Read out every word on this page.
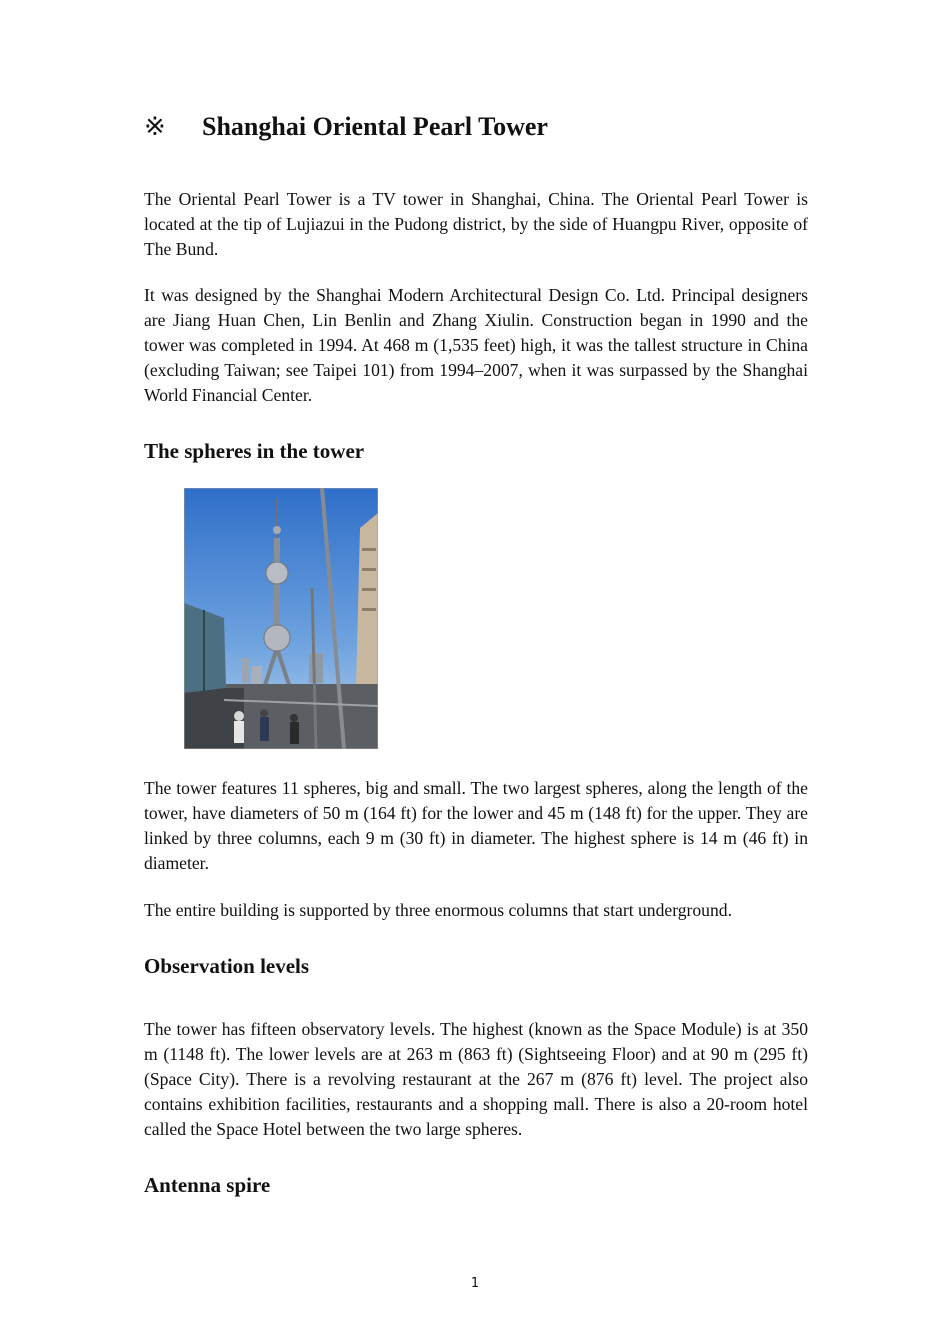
※ Shanghai Oriental Pearl Tower

The Oriental Pearl Tower is a TV tower in Shanghai, China. The Oriental Pearl Tower is located at the tip of Lujiazui in the Pudong district, by the side of Huangpu River, opposite of The Bund.

It was designed by the Shanghai Modern Architectural Design Co. Ltd. Principal designers are Jiang Huan Chen, Lin Benlin and Zhang Xiulin. Construction began in 1990 and the tower was completed in 1994. At 468 m (1,535 feet) high, it was the tallest structure in China (excluding Taiwan; see Taipei 101) from 1994–2007, when it was surpassed by the Shanghai World Financial Center.

The spheres in the tower

The tower features 11 spheres, big and small. The two largest spheres, along the length of the tower, have diameters of 50 m (164 ft) for the lower and 45 m (148 ft) for the upper. They are linked by three columns, each 9 m (30 ft) in diameter. The highest sphere is 14 m (46 ft) in diameter.

The entire building is supported by three enormous columns that start underground.

Observation levels

The tower has fifteen observatory levels. The highest (known as the Space Module) is at 350 m (1148 ft). The lower levels are at 263 m (863 ft) (Sightseeing Floor) and at 90 m (295 ft) (Space City). There is a revolving restaurant at the 267 m (876 ft) level. The project also contains exhibition facilities, restaurants and a shopping mall. There is also a 20-room hotel called the Space Hotel between the two large spheres.

Antenna spire
1
